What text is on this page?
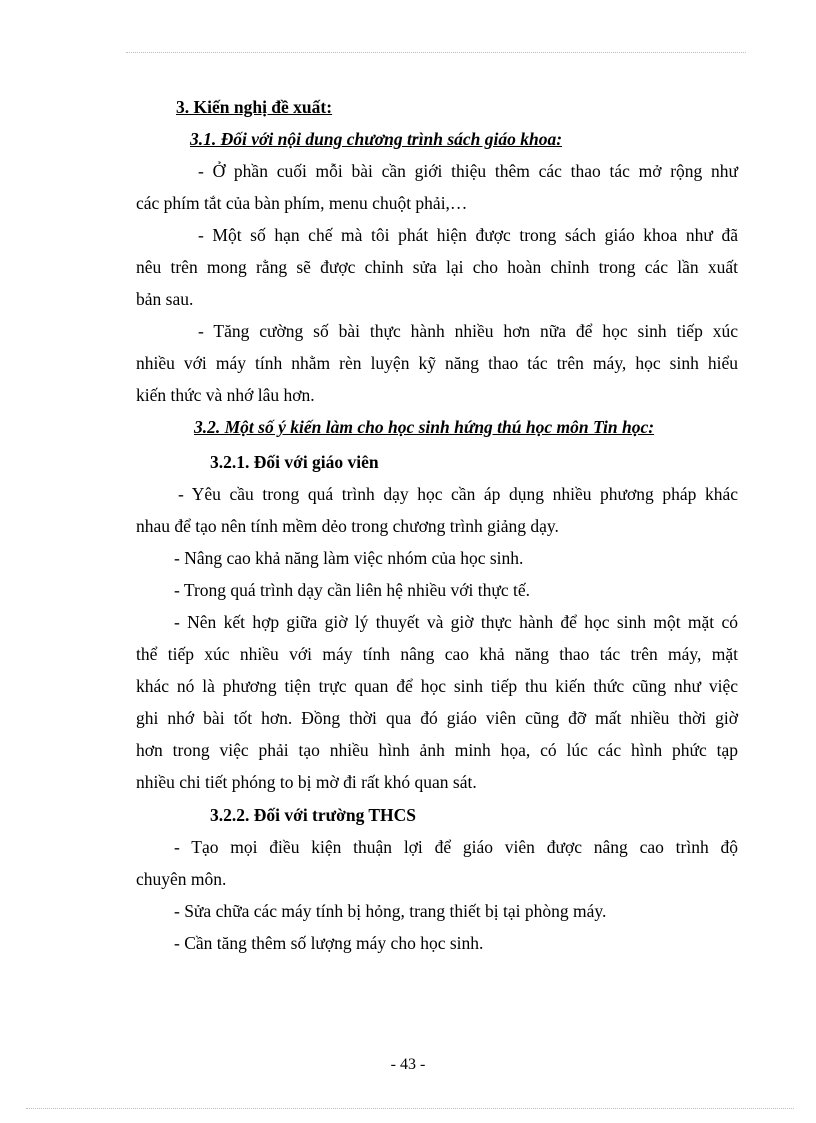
3. Kiến nghị đề xuất:
3.1. Đối với nội dung chương trình sách giáo khoa:
- Ở phần cuối mỗi bài cần giới thiệu thêm các thao tác mở rộng như
các phím tắt của bàn phím, menu chuột phải,…
- Một số hạn chế mà tôi phát hiện được trong sách giáo khoa như đã
nêu trên mong rằng sẽ được chỉnh sửa lại cho hoàn chỉnh trong các lần xuất
bản sau.
- Tăng cường số bài thực hành nhiều hơn nữa để học sinh tiếp xúc
nhiều với máy tính nhằm rèn luyện kỹ năng thao tác trên máy, học sinh hiểu
kiến thức và nhớ lâu hơn.
3.2. Một số ý kiến làm cho học sinh hứng thú học môn Tin học:
3.2.1. Đối với giáo viên
- Yêu cầu trong quá trình dạy học cần áp dụng nhiều phương pháp khác
nhau để tạo nên tính mềm dẻo trong chương trình giảng dạy.
- Nâng cao khả năng làm việc nhóm của học sinh.
- Trong quá trình dạy cần liên hệ nhiều với thực tế.
- Nên kết hợp giữa giờ lý thuyết và giờ thực hành để học sinh một mặt có
thể tiếp xúc nhiều với máy tính nâng cao khả năng thao tác trên máy, mặt
khác nó là phương tiện trực quan để học sinh tiếp thu kiến thức cũng như việc
ghi nhớ bài tốt hơn. Đồng thời qua đó giáo viên cũng đỡ mất nhiều thời giờ
hơn trong việc phải tạo nhiều hình ảnh minh họa, có lúc các hình phức tạp
nhiều chi tiết phóng to bị mờ đi rất khó quan sát.
3.2.2. Đối với trường THCS
- Tạo mọi điều kiện thuận lợi để giáo viên được nâng cao trình độ
chuyên môn.
- Sửa chữa các máy tính bị hỏng, trang thiết bị tại phòng máy.
- Cần tăng thêm số lượng máy cho học sinh.
- 43 -
